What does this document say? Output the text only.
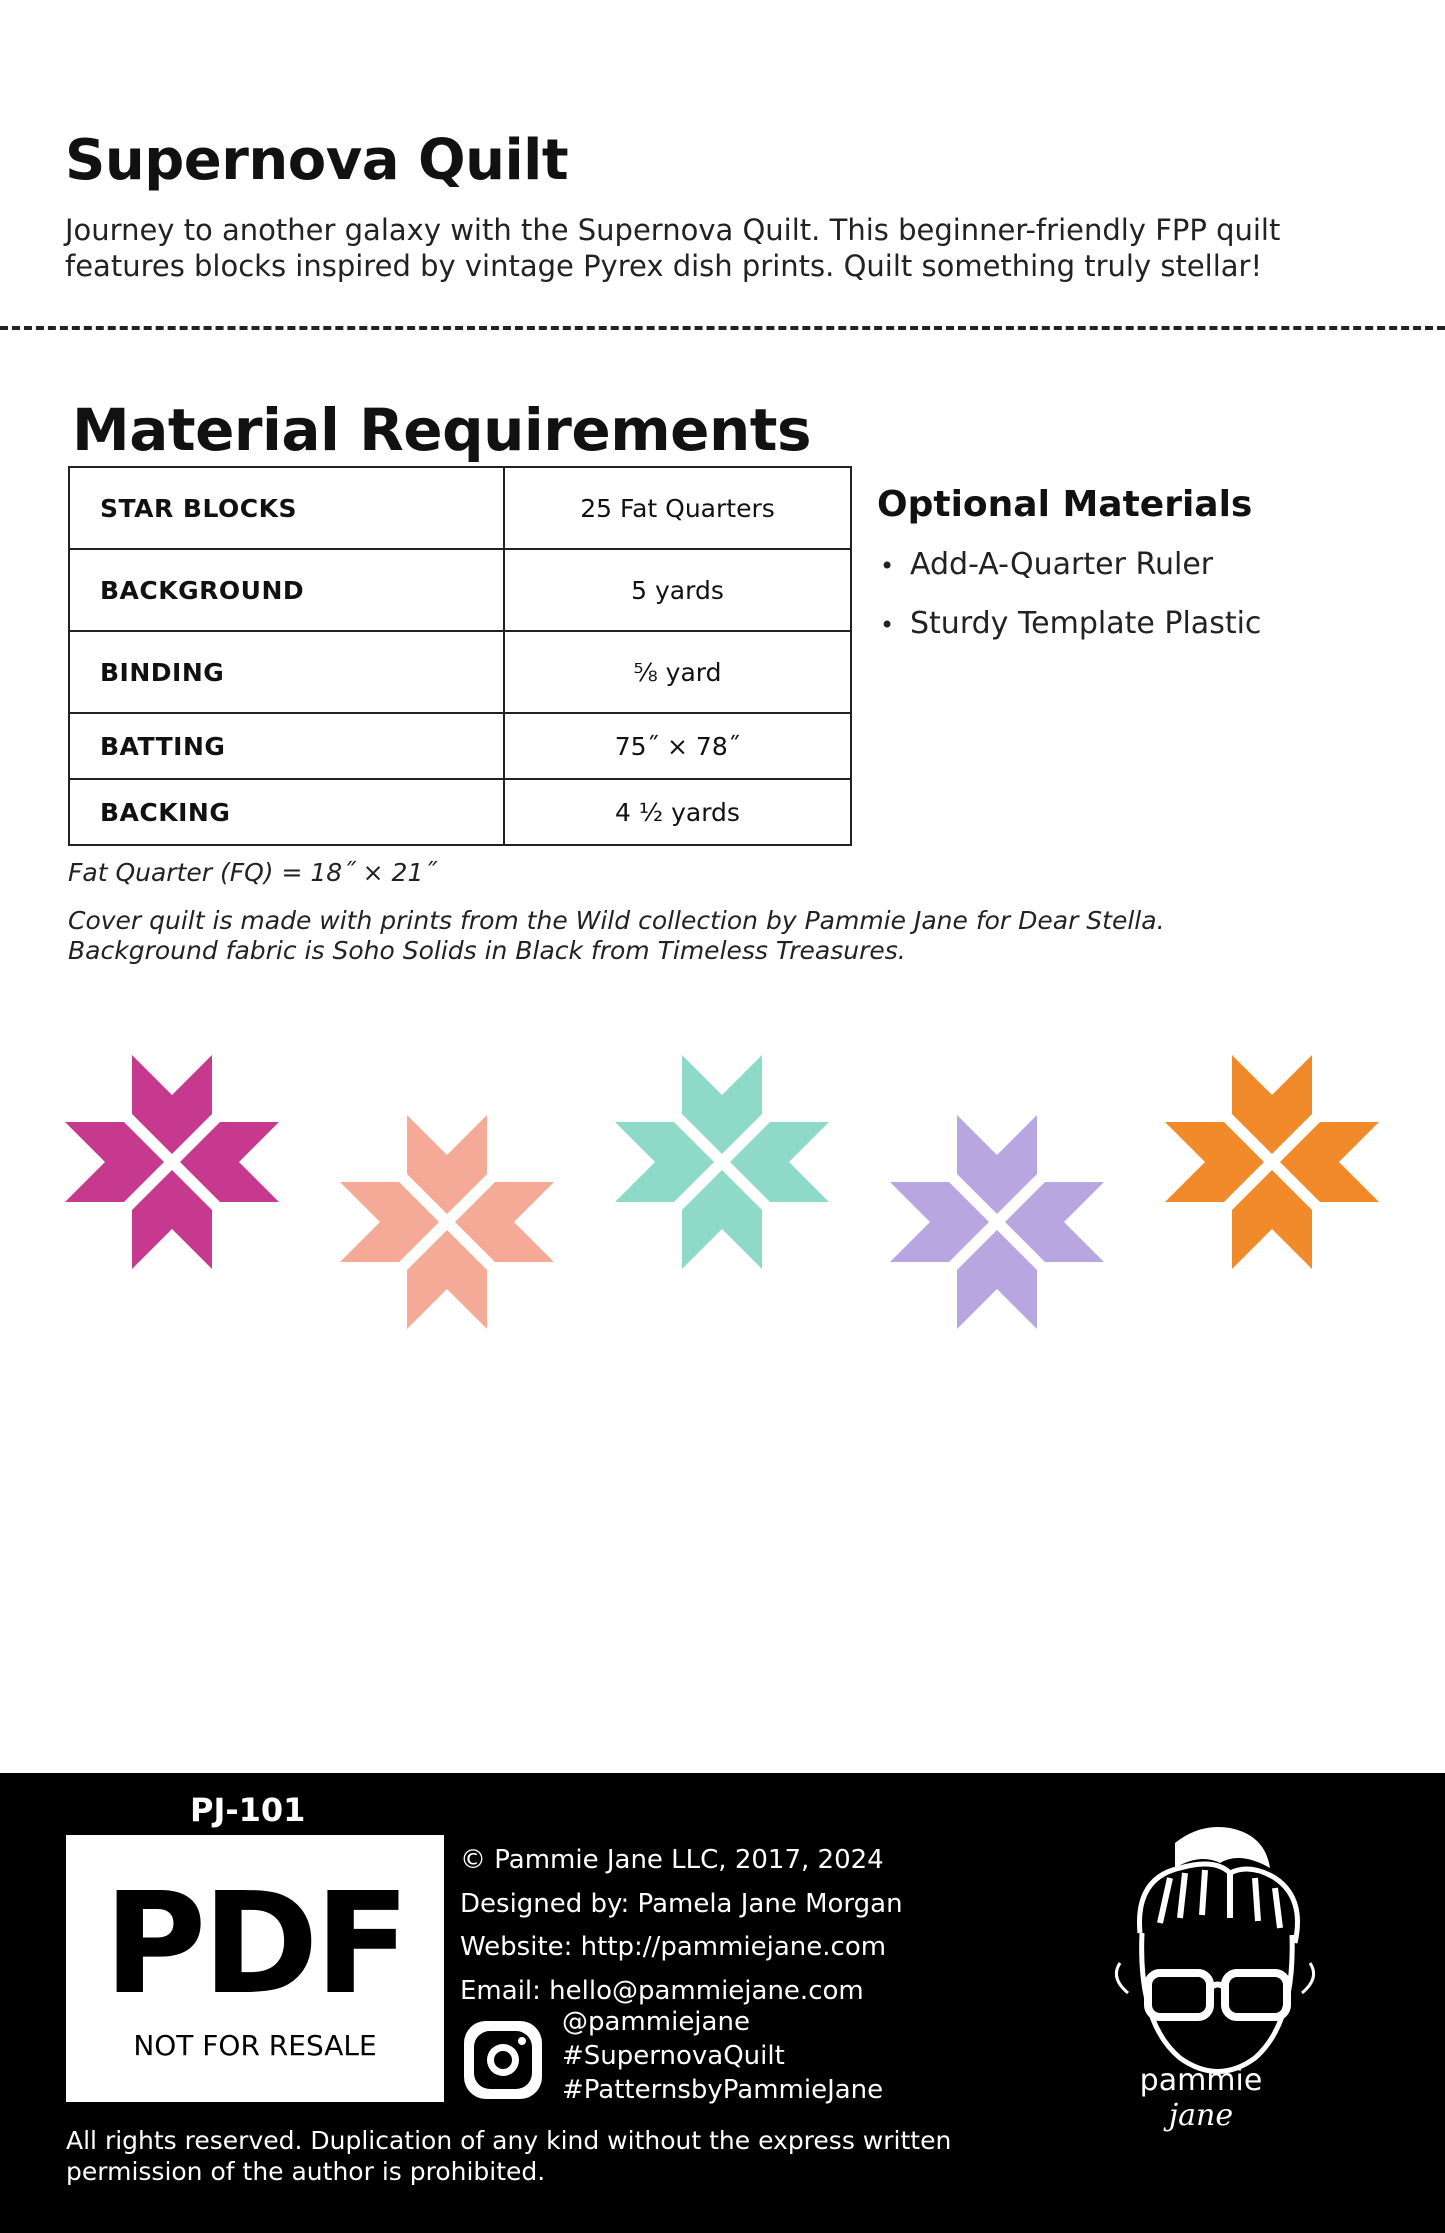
Supernova Quilt
Journey to another galaxy with the Supernova Quilt. This beginner-friendly FPP quilt features blocks inspired by vintage Pyrex dish prints. Quilt something truly stellar!
Material Requirements
STAR BLOCKS	25 Fat Quarters
BACKGROUND	5 yards
BINDING	⅝ yard
BATTING	75˝ × 78˝
BACKING	4 ½ yards
Optional Materials
• Add-A-Quarter Ruler
• Sturdy Template Plastic
Fat Quarter (FQ) = 18˝ × 21˝
Cover quilt is made with prints from the Wild collection by Pammie Jane for Dear Stella. Background fabric is Soho Solids in Black from Timeless Treasures.
PJ-101
PDF
NOT FOR RESALE
© Pammie Jane LLC, 2017, 2024
Designed by: Pamela Jane Morgan
Website: http://pammiejane.com
Email: hello@pammiejane.com
@pammiejane
#SupernovaQuilt
#PatternsbyPammieJane
All rights reserved. Duplication of any kind without the express written permission of the author is prohibited.
pammie
jane
